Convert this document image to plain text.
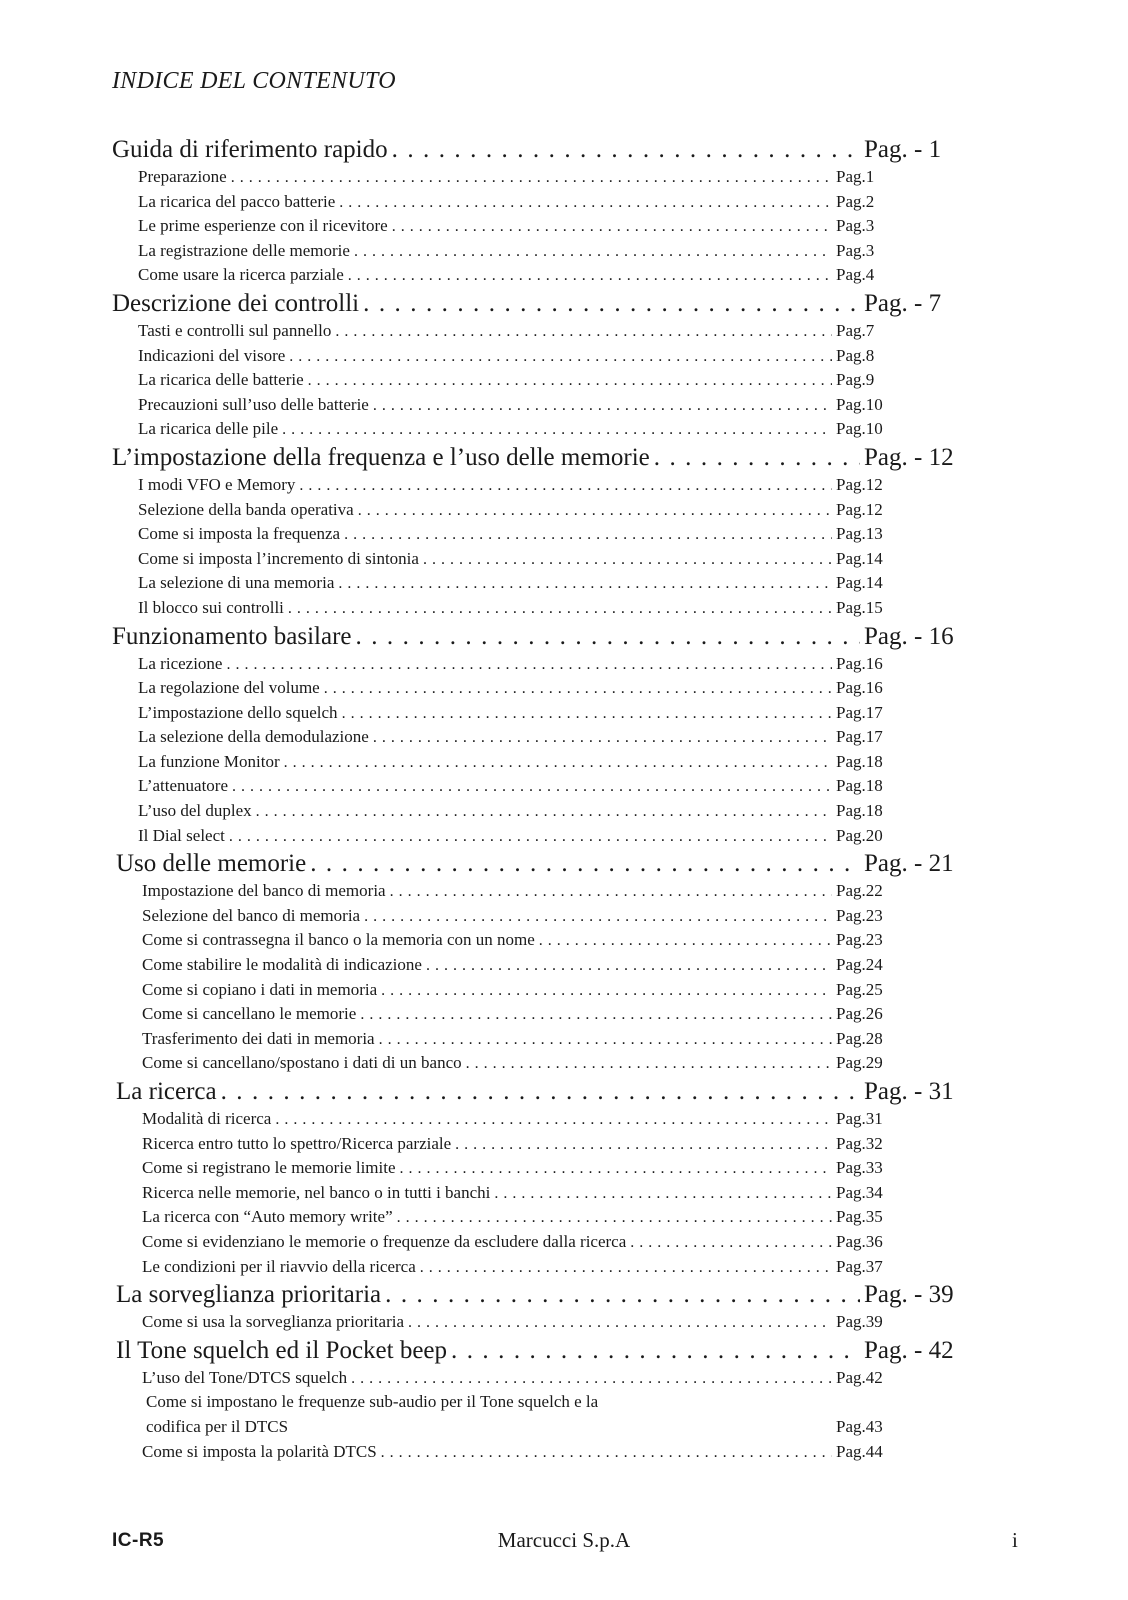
INDICE DEL CONTENUTO
Guida di riferimento rapido . . .	Pag. - 1
Preparazione . . .	Pag.1
La ricarica del pacco batterie . . .	Pag.2
Le prime esperienze con il ricevitore . . .	Pag.3
La registrazione delle memorie . . .	Pag.3
Come usare la ricerca parziale . . .	Pag.4
Descrizione dei controlli . . .	Pag. - 7
Tasti e controlli sul pannello . . .	Pag.7
Indicazioni del visore . . .	Pag.8
La ricarica delle batterie . . .	Pag.9
Precauzioni sull’uso delle batterie . . .	Pag.10
La ricarica delle pile . . .	Pag.10
L’impostazione della frequenza e l’uso delle memorie . . .	Pag. - 12
I modi VFO e Memory . . .	Pag.12
Selezione della banda operativa . . .	Pag.12
Come si imposta la frequenza . . .	Pag.13
Come si imposta l’incremento di sintonia . . .	Pag.14
La selezione di una memoria . . .	Pag.14
Il blocco sui controlli . . .	Pag.15
Funzionamento basilare . . .	Pag. - 16
La ricezione . . .	Pag.16
La regolazione del volume . . .	Pag.16
L’impostazione dello squelch . . .	Pag.17
La selezione della demodulazione . . .	Pag.17
La funzione Monitor . . .	Pag.18
L’attenuatore . . .	Pag.18
L’uso del duplex . . .	Pag.18
Il Dial select . . .	Pag.20
Uso delle memorie . . .	Pag. - 21
Impostazione del banco di memoria . . .	Pag.22
Selezione del banco di memoria . . .	Pag.23
Come si contrassegna il banco o la memoria con un nome . . .	Pag.23
Come stabilire le modalità di indicazione . . .	Pag.24
Come si copiano i dati in memoria . . .	Pag.25
Come si cancellano le memorie . . .	Pag.26
Trasferimento dei dati in memoria . . .	Pag.28
Come si cancellano/spostano i dati di un banco . . .	Pag.29
La ricerca . . .	Pag. - 31
Modalità di ricerca . . .	Pag.31
Ricerca entro tutto lo spettro/Ricerca parziale . . .	Pag.32
Come si registrano le memorie limite . . .	Pag.33
Ricerca nelle memorie, nel banco o in tutti i banchi . . .	Pag.34
La ricerca con “Auto memory write” . . .	Pag.35
Come si evidenziano le memorie o frequenze da escludere dalla ricerca . . .	Pag.36
Le condizioni per il riavvio della ricerca . . .	Pag.37
La sorveglianza prioritaria . . .	Pag. - 39
Come si usa la sorveglianza prioritaria . . .	Pag.39
Il Tone squelch ed il Pocket beep . . .	Pag. - 42
L’uso del Tone/DTCS squelch . . .	Pag.42
Come si impostano le frequenze sub-audio per il Tone squelch e la
codifica per il DTCS	Pag.43
Come si imposta la polarità DTCS . . .	Pag.44
IC-R5	Marcucci S.p.A	i
